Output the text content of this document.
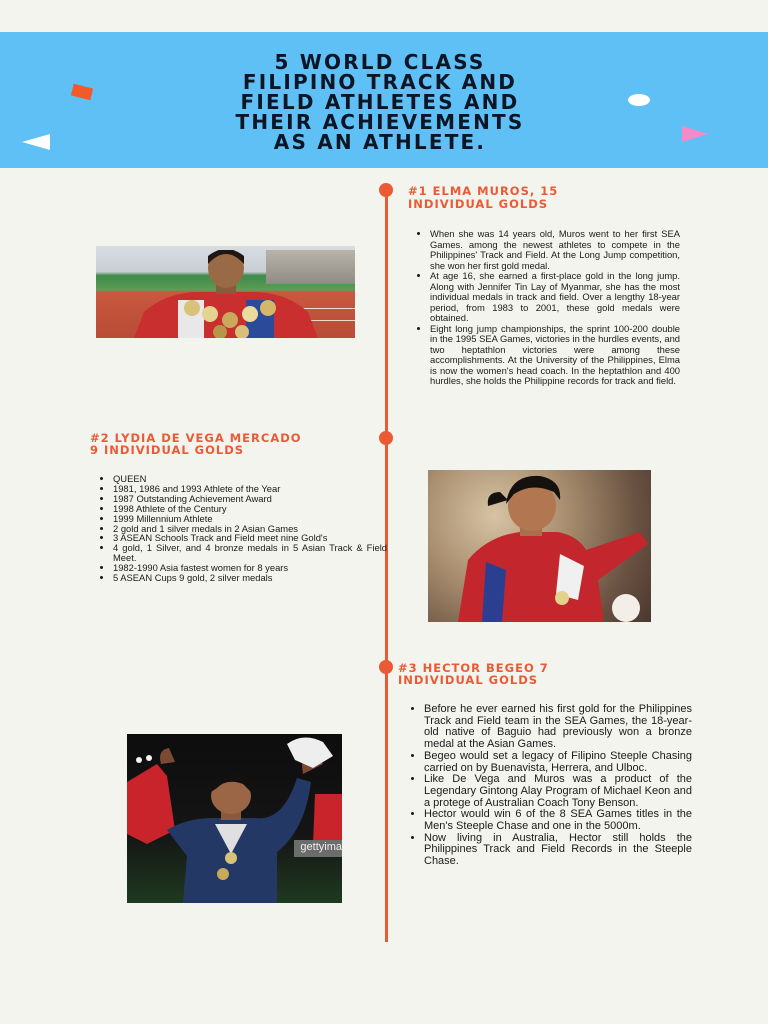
5 WORLD CLASS
FILIPINO TRACK AND
FIELD ATHLETES AND
THEIR ACHIEVEMENTS
AS AN ATHLETE.
#1 ELMA MUROS, 15
INDIVIDUAL GOLDS
• When she was 14 years old, Muros went to her first SEA Games. among the newest athletes to compete in the Philippines' Track and Field. At the Long Jump competition, she won her first gold medal.
• At age 16, she earned a first-place gold in the long jump. Along with Jennifer Tin Lay of Myanmar, she has the most individual medals in track and field. Over a lengthy 18-year period, from 1983 to 2001, these gold medals were obtained.
• Eight long jump championships, the sprint 100-200 double in the 1995 SEA Games, victories in the hurdles events, and two heptathlon victories were among these accomplishments. At the University of the Philippines, Elma is now the women's head coach. In the heptathlon and 400 hurdles, she holds the Philippine records for track and field.
#2 LYDIA DE VEGA MERCADO
9 INDIVIDUAL GOLDS
• QUEEN
• 1981, 1986 and 1993 Athlete of the Year
• 1987 Outstanding Achievement Award
• 1998 Athlete of the Century
• 1999 Millennium Athlete
• 2 gold and 1 silver medals in 2 Asian Games
• 3 ASEAN Schools Track and Field meet nine Gold's
• 4 gold, 1 Silver, and 4 bronze medals in 5 Asian Track & Field Meet.
• 1982-1990 Asia fastest women for 8 years
• 5 ASEAN Cups 9 gold, 2 silver medals
#3 HECTOR BEGEO 7
INDIVIDUAL GOLDS
• Before he ever earned his first gold for the Philippines Track and Field team in the SEA Games, the 18-year-old native of Baguio had previously won a bronze medal at the Asian Games.
• Begeo would set a legacy of Filipino Steeple Chasing carried on by Buenavista, Herrera, and Ulboc.
• Like De Vega and Muros was a product of the Legendary Gintong Alay Program of Michael Keon and a protege of Australian Coach Tony Benson.
• Hector would win 6 of the 8 SEA Games titles in the Men's Steeple Chase and one in the 5000m.
• Now living in Australia, Hector still holds the Philippines Track and Field Records in the Steeple Chase.
gettyima
